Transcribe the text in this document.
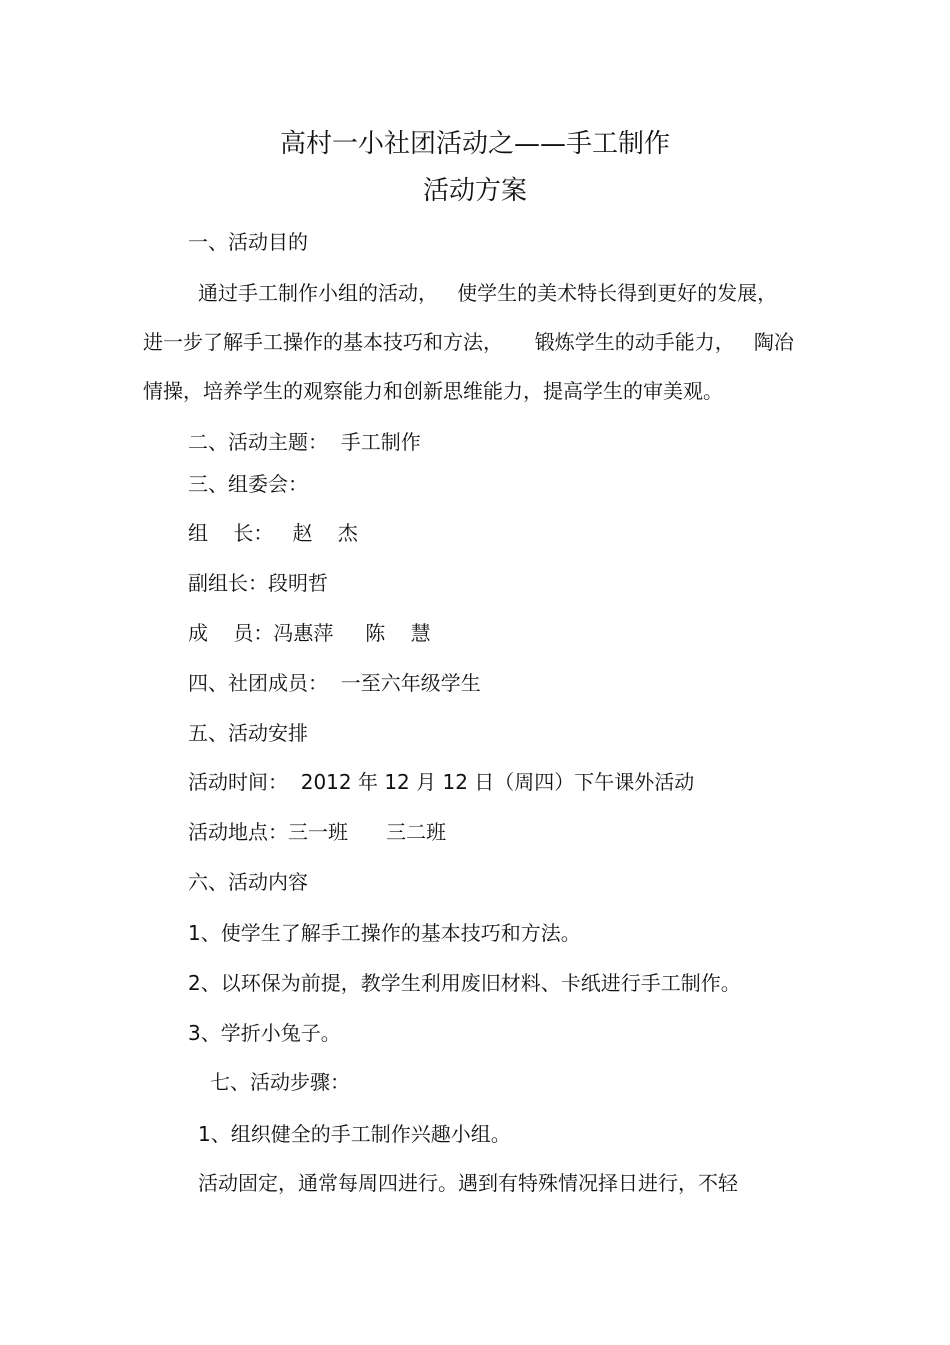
高村一小社团活动之——手工制作
活动方案
一、活动目的
通过手工制作小组的活动，   使学生的美术特长得到更好的发展，
进一步了解手工操作的基本技巧和方法，     锻炼学生的动手能力，   陶冶
情操，培养学生的观察能力和创新思维能力，提高学生的审美观。
二、活动主题：  手工制作
三、组委会：
组    长：   赵    杰
副组长：段明哲
成    员：冯惠萍     陈    慧
四、社团成员：  一至六年级学生
五、活动安排
活动时间：  2012 年 12 月 12 日（周四）下午课外活动
活动地点：三一班      三二班
六、活动内容
1、使学生了解手工操作的基本技巧和方法。
2、以环保为前提，教学生利用废旧材料、卡纸进行手工制作。
3、学折小兔子。
七、活动步骤：
1、组织健全的手工制作兴趣小组。
活动固定，通常每周四进行。遇到有特殊情况择日进行，不轻
